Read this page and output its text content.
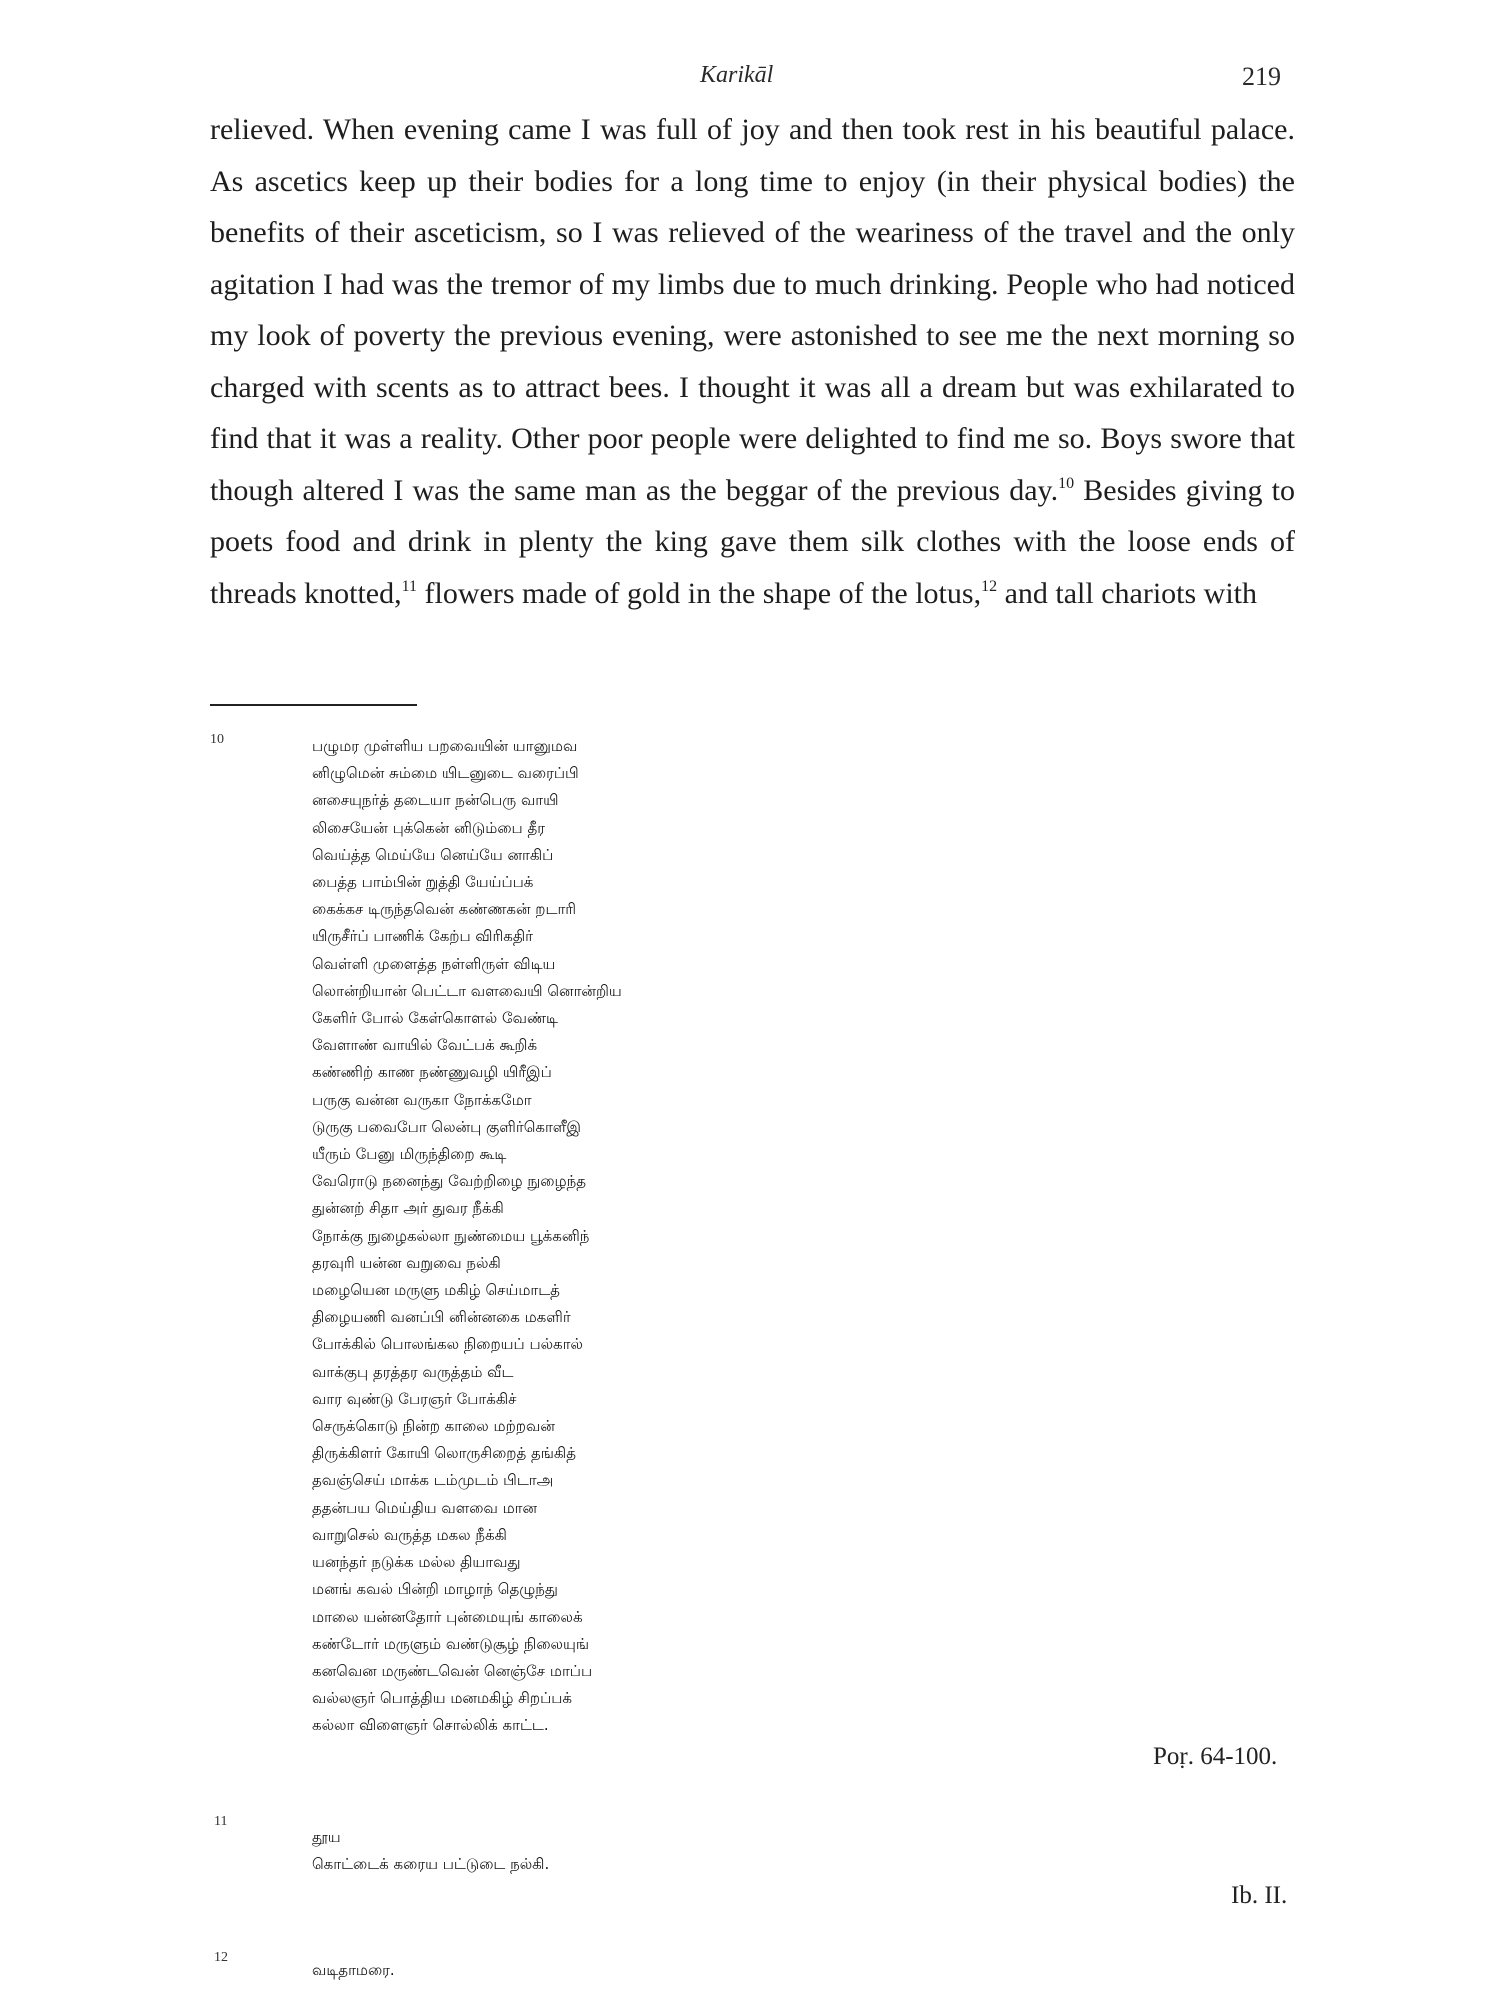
Karikāl	219

relieved. When evening came I was full of joy and then took rest in his beautiful palace. As ascetics keep up their bodies for a long time to enjoy (in their physical bodies) the benefits of their asceticism, so I was relieved of the weariness of the travel and the only agitation I had was the tremor of my limbs due to much drinking. People who had noticed my look of poverty the previous evening, were astonished to see me the next morning so charged with scents as to attract bees. I thought it was all a dream but was exhilarated to find that it was a reality. Other poor people were delighted to find me so. Boys swore that though altered I was the same man as the beggar of the previous day.$^{10}$ Besides giving to poets food and drink in plenty the king gave them silk clothes with the loose ends of threads knotted,$^{11}$ flowers made of gold in the shape of the lotus,$^{12}$ and tall chariots with

10	பழுமர முள்ளிய பறவையின் யானுமவ
னிழுமென் சும்மை யிடனுடை வரைப்பி
னசையுநர்த் தடையா நன்பெரு வாயி
லிசையேன் புக்கென் னிடும்பை தீர
வெய்த்த மெய்யே னெய்யே னாகிப்
பைத்த பாம்பின் றுத்தி யேய்ப்பக்
கைக்கச டிருந்தவென் கண்ணகன் றடாரி
யிருசீர்ப் பாணிக் கேற்ப விரிகதிர்
வெள்ளி முளைத்த நள்ளிருள் விடிய
லொன்றியான் பெட்டா வளவையி னொன்றிய
கேளிர் போல் கேள்கொளல் வேண்டி
வேளாண் வாயில் வேட்பக் கூறிக்
கண்ணிற் காண நண்ணுவழி யிரீஇப்
பருகு வன்ன வருகா நோக்கமோ
டுருகு பவைபோ லென்பு குளிர்கொளீஇ
யீரும் பேனு மிருந்திறை கூடி
வேரொடு நனைந்து வேற்றிழை நுழைந்த
துன்னற் சிதா அர் துவர நீக்கி
நோக்கு நுழைகல்லா நுண்மைய பூக்கனிந்
தரவுரி யன்ன வறுவை நல்கி
மழையென மருளு மகிழ் செய்மாடத்
திழையணி வனப்பி னின்னகை மகளிர்
போக்கில் பொலங்கல நிறையப் பல்கால்
வாக்குபு தரத்தர வருத்தம் வீட
வார வுண்டு பேரஞர் போக்கிச்
செருக்கொடு நின்ற காலை மற்றவன்
திருக்கிளர் கோயி லொருசிறைத் தங்கித்
தவஞ்செய் மாக்க டம்முடம் பிடாஅ
ததன்பய மெய்திய வளவை மான
வாறுசெல் வருத்த மகல நீக்கி
யனந்தர் நடுக்க மல்ல தியாவது
மனங் கவல் பின்றி மாழாந் தெழுந்து
மாலை யன்னதோர் புன்மையுங் காலைக்
கண்டோர் மருளும் வண்டுசூழ் நிலையுங்
கனவென மருண்டவென் னெஞ்சே மாப்ப
வல்லஞர் பொத்திய மனமகிழ் சிறப்பக்
கல்லா விளைஞர் சொல்லிக் காட்ட.
Poṛ. 64-100.
11
தூய
கொட்டைக் கரைய பட்டுடை நல்கி.
Ib. II.
12
வடிதாமரை.
